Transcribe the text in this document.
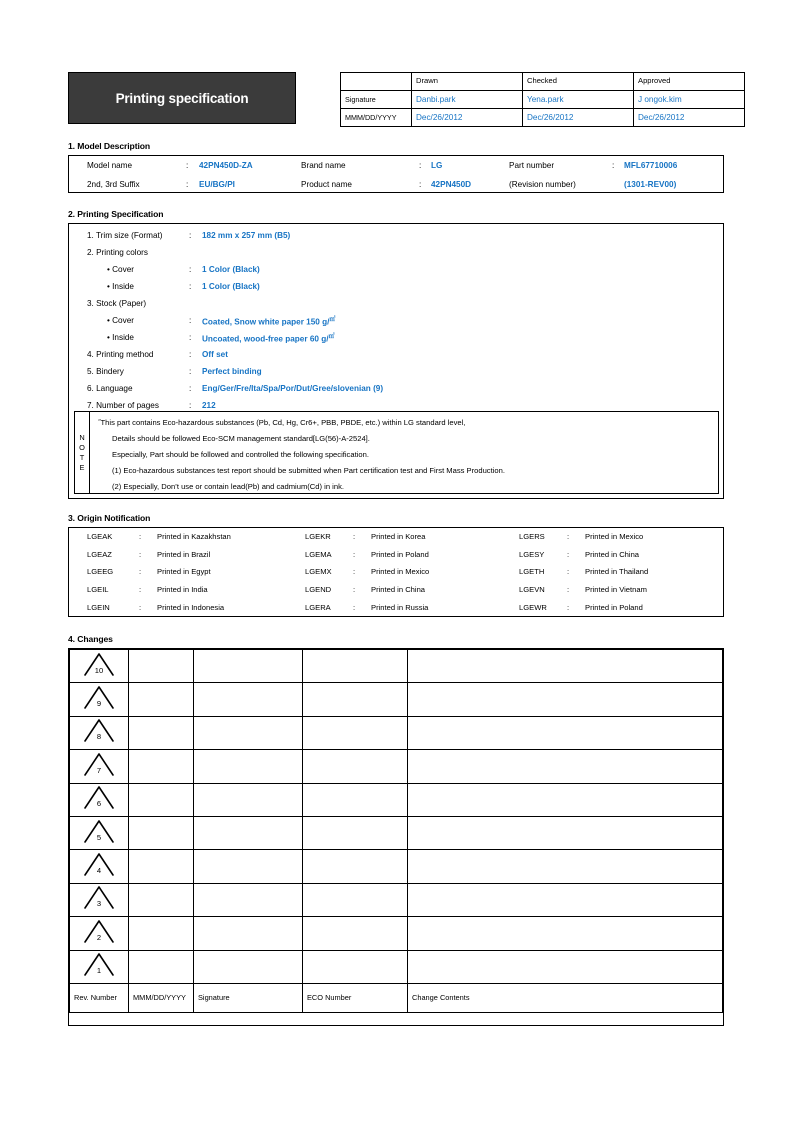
Printing specification
	Drawn	Checked	Approved
Signature	Danbi.park	Yena.park	J ongok.kim
MMM/DD/YYYY	Dec/26/2012	Dec/26/2012	Dec/26/2012
1. Model Description
Model name	: 42PN450D-ZA	Brand name	: LG	Part number	: MFL67710006
2nd, 3rd Suffix	: EU/BG/PI	Product name	: 42PN450D	(Revision number)	(1301-REV00)
2. Printing Specification
1. Trim size (Format)	: 182 mm x 257 mm (B5)
2. Printing colors
• Cover	: 1 Color (Black)
• Inside	: 1 Color (Black)
3. Stock (Paper)
• Cover	: Coated, Snow white paper 150 g/㎡
• Inside	: Uncoated, wood-free paper 60 g/㎡
4. Printing method	: Off set
5. Bindery	: Perfect binding
6. Language	: Eng/Ger/Fre/Ita/Spa/Por/Dut/Gree/slovenian (9)
7. Number of pages	: 212
N
O
T
E
˝This part contains Eco-hazardous substances (Pb, Cd, Hg, Cr6+, PBB, PBDE, etc.) within LG standard level,
Details should be followed Eco-SCM management standard[LG(56)-A-2524].
Especially, Part should be followed and controlled the following specification.
(1) Eco-hazardous substances test report should be submitted when Part certification test and First Mass Production.
(2) Especially, Don’t use or contain lead(Pb) and cadmium(Cd) in ink.
3. Origin Notification
LGEAK	:	Printed in Kazakhstan	LGEKR	:	Printed in Korea	LGERS	:	Printed in Mexico
LGEAZ	:	Printed in Brazil	LGEMA	:	Printed in Poland	LGESY	:	Printed in China
LGEEG	:	Printed in Egypt	LGEMX	:	Printed in Mexico	LGETH	:	Printed in Thailand
LGEIL	:	Printed in India	LGEND	:	Printed in China	LGEVN	:	Printed in Vietnam
LGEIN	:	Printed in Indonesia	LGERA	:	Printed in Russia	LGEWR	:	Printed in Poland
4. Changes
10				

9				

8				

7				

6				

5				

4				

3				

2				

1				

Rev. Number	MMM/DD/YYYY	Signature	ECO Number	Change Contents
